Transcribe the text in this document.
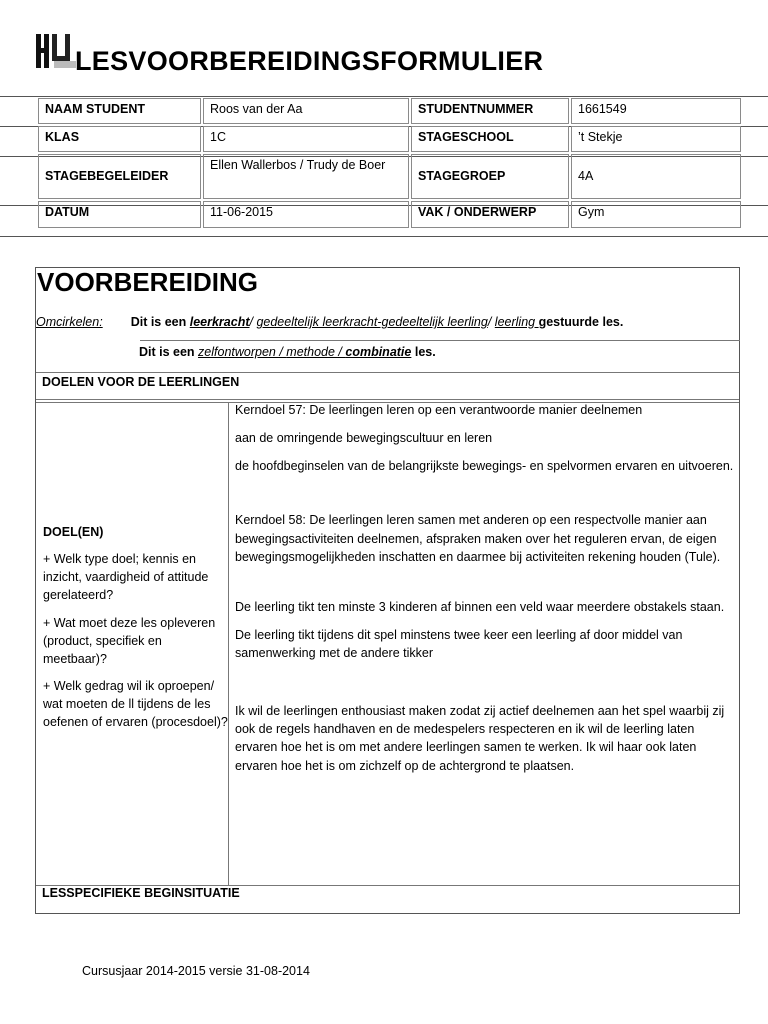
LESVOORBEREIDINGSFORMULIER
NAAM STUDENT	Roos van der Aa	STUDENTNUMMER	1661549
KLAS	1C	STAGESCHOOL	’t Stekje
STAGEBEGELEIDER	Ellen Wallerbos / Trudy de Boer	STAGEGROEP	4A
DATUM	11-06-2015	VAK / ONDERWERP	Gym
VOORBEREIDING
Omcirkelen: Dit is een leerkracht/ gedeeltelijk leerkracht-gedeeltelijk leerling/ leerling gestuurde les.
Dit is een zelfontworpen / methode / combinatie les.
DOELEN VOOR DE LEERLINGEN

DOEL(EN)

+ Welk type doel; kennis en inzicht, vaardigheid of attitude gerelateerd?

+ Wat moet deze les opleveren (product, specifiek en meetbaar)?

+ Welk gedrag wil ik oproepen/ wat moeten de ll tijdens de les oefenen of ervaren (procesdoel)?

Kerndoel 57: De leerlingen leren op een verantwoorde manier deelnemen

aan de omringende bewegingscultuur en leren

de hoofdbeginselen van de belangrijkste bewegings- en spelvormen ervaren en uitvoeren.

Kerndoel 58: De leerlingen leren samen met anderen op een respectvolle manier aan bewegingsactiviteiten deelnemen, afspraken maken over het reguleren ervan, de eigen bewegingsmogelijkheden inschatten en daarmee bij activiteiten rekening houden (Tule).

De leerling tikt ten minste 3 kinderen af binnen een veld waar meerdere obstakels staan.

De leerling tikt tijdens dit spel minstens twee keer een leerling af door middel van samenwerking met de andere tikker

Ik wil de leerlingen enthousiast maken zodat zij actief deelnemen aan het spel waarbij zij ook de regels handhaven en de medespelers respecteren en ik wil de leerling laten ervaren hoe het is om met andere leerlingen samen te werken. Ik wil haar ook laten ervaren hoe het is om zichzelf op de achtergrond te plaatsen.

LESSPECIFIEKE BEGINSITUATIE
Cursusjaar 2014-2015 versie 31-08-2014
